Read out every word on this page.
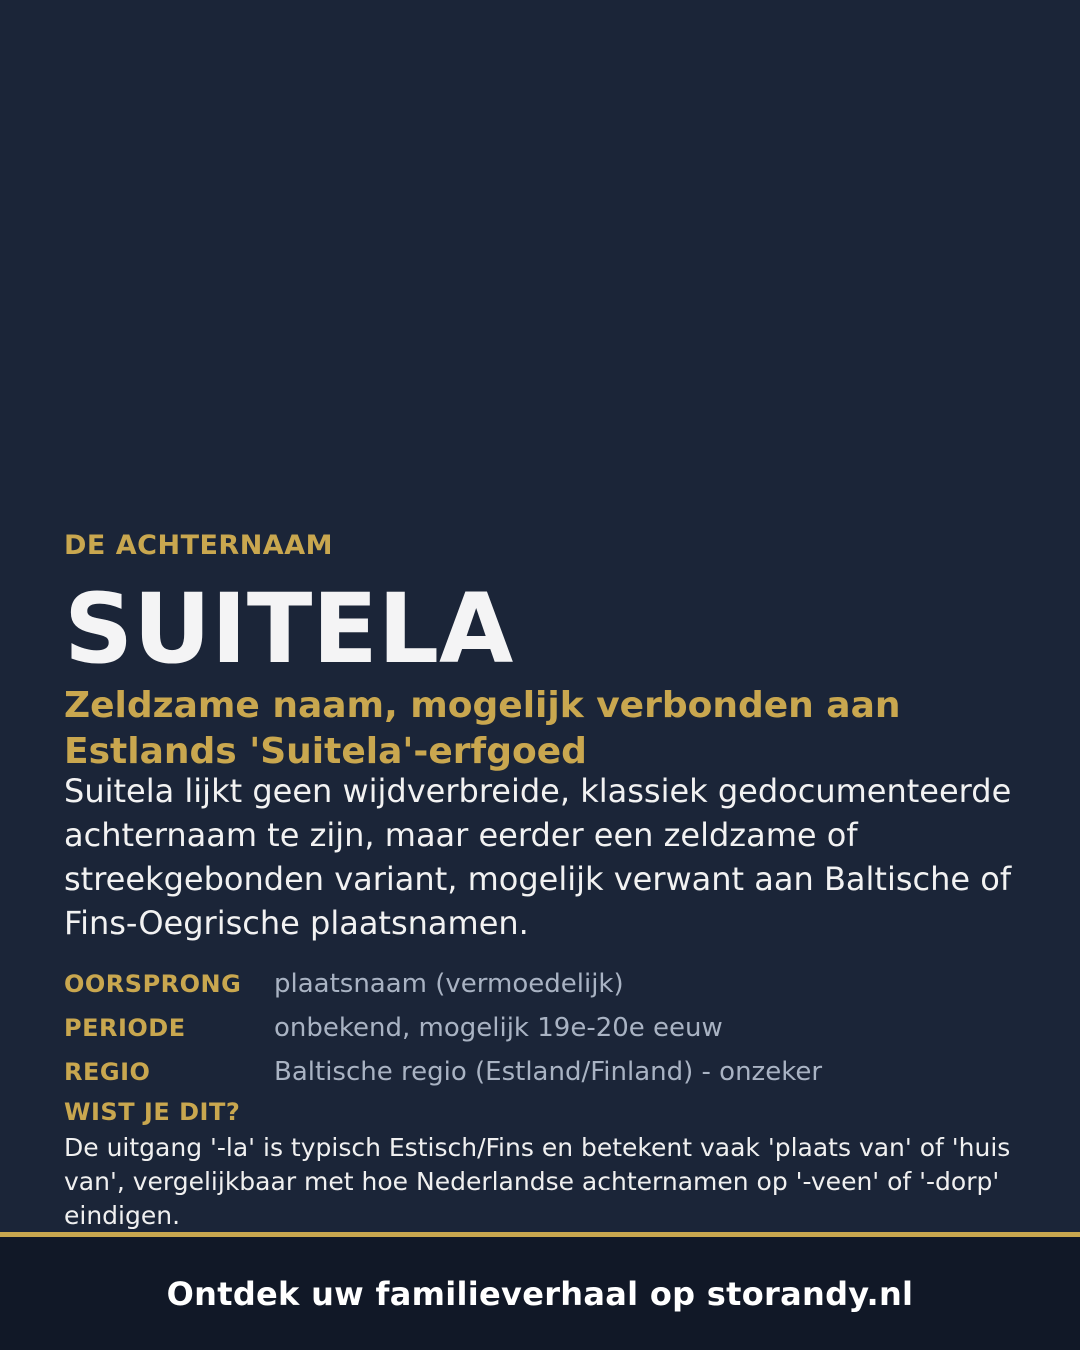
DE ACHTERNAAM
SUITELA
Zeldzame naam, mogelijk verbonden aan Estlands 'Suitela'-erfgoed
Suitela lijkt geen wijdverbreide, klassiek gedocumenteerde achternaam te zijn, maar eerder een zeldzame of streekgebonden variant, mogelijk verwant aan Baltische of Fins-Oegrische plaatsnamen.
OORSPRONG	plaatsnaam (vermoedelijk)
PERIODE	onbekend, mogelijk 19e-20e eeuw
REGIO	Baltische regio (Estland/Finland) - onzeker
WIST JE DIT?
De uitgang '-la' is typisch Estisch/Fins en betekent vaak 'plaats van' of 'huis van', vergelijkbaar met hoe Nederlandse achternamen op '-veen' of '-dorp' eindigen.
Ontdek uw familieverhaal op storandy.nl
